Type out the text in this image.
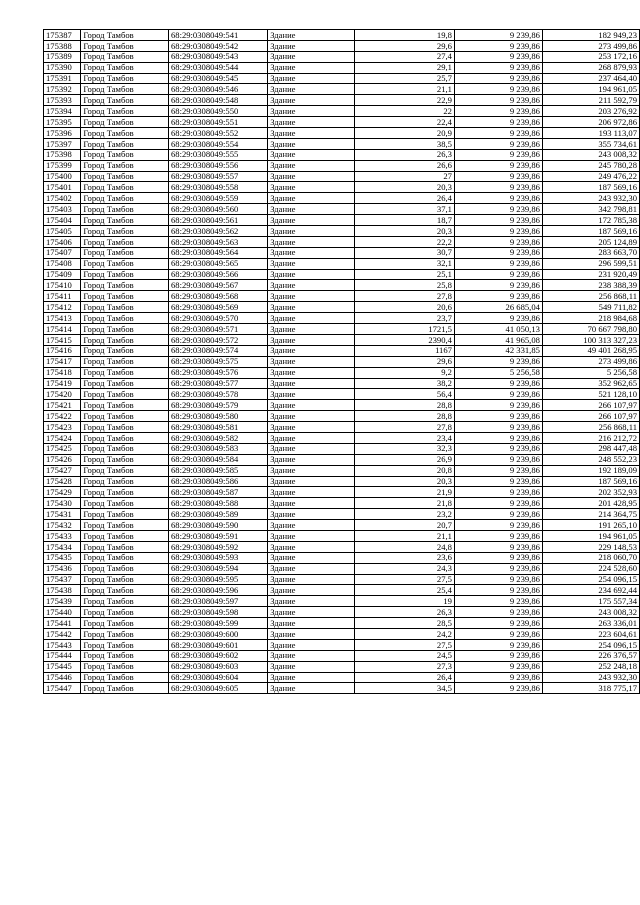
175387	Город Тамбов	68:29:0308049:541	Здание	19,8	9 239,86	182 949,23
175388	Город Тамбов	68:29:0308049:542	Здание	29,6	9 239,86	273 499,86
175389	Город Тамбов	68:29:0308049:543	Здание	27,4	9 239,86	253 172,16
175390	Город Тамбов	68:29:0308049:544	Здание	29,1	9 239,86	268 879,93
175391	Город Тамбов	68:29:0308049:545	Здание	25,7	9 239,86	237 464,40
175392	Город Тамбов	68:29:0308049:546	Здание	21,1	9 239,86	194 961,05
175393	Город Тамбов	68:29:0308049:548	Здание	22,9	9 239,86	211 592,79
175394	Город Тамбов	68:29:0308049:550	Здание	22	9 239,86	203 276,92
175395	Город Тамбов	68:29:0308049:551	Здание	22,4	9 239,86	206 972,86
175396	Город Тамбов	68:29:0308049:552	Здание	20,9	9 239,86	193 113,07
175397	Город Тамбов	68:29:0308049:554	Здание	38,5	9 239,86	355 734,61
175398	Город Тамбов	68:29:0308049:555	Здание	26,3	9 239,86	243 008,32
175399	Город Тамбов	68:29:0308049:556	Здание	26,6	9 239,86	245 780,28
175400	Город Тамбов	68:29:0308049:557	Здание	27	9 239,86	249 476,22
175401	Город Тамбов	68:29:0308049:558	Здание	20,3	9 239,86	187 569,16
175402	Город Тамбов	68:29:0308049:559	Здание	26,4	9 239,86	243 932,30
175403	Город Тамбов	68:29:0308049:560	Здание	37,1	9 239,86	342 798,81
175404	Город Тамбов	68:29:0308049:561	Здание	18,7	9 239,86	172 785,38
175405	Город Тамбов	68:29:0308049:562	Здание	20,3	9 239,86	187 569,16
175406	Город Тамбов	68:29:0308049:563	Здание	22,2	9 239,86	205 124,89
175407	Город Тамбов	68:29:0308049:564	Здание	30,7	9 239,86	283 663,70
175408	Город Тамбов	68:29:0308049:565	Здание	32,1	9 239,86	296 599,51
175409	Город Тамбов	68:29:0308049:566	Здание	25,1	9 239,86	231 920,49
175410	Город Тамбов	68:29:0308049:567	Здание	25,8	9 239,86	238 388,39
175411	Город Тамбов	68:29:0308049:568	Здание	27,8	9 239,86	256 868,11
175412	Город Тамбов	68:29:0308049:569	Здание	20,6	26 685,04	549 711,82
175413	Город Тамбов	68:29:0308049:570	Здание	23,7	9 239,86	218 984,68
175414	Город Тамбов	68:29:0308049:571	Здание	1721,5	41 050,13	70 667 798,80
175415	Город Тамбов	68:29:0308049:572	Здание	2390,4	41 965,08	100 313 327,23
175416	Город Тамбов	68:29:0308049:574	Здание	1167	42 331,85	49 401 268,95
175417	Город Тамбов	68:29:0308049:575	Здание	29,6	9 239,86	273 499,86
175418	Город Тамбов	68:29:0308049:576	Здание	9,2	5 256,58	5 256,58
175419	Город Тамбов	68:29:0308049:577	Здание	38,2	9 239,86	352 962,65
175420	Город Тамбов	68:29:0308049:578	Здание	56,4	9 239,86	521 128,10
175421	Город Тамбов	68:29:0308049:579	Здание	28,8	9 239,86	266 107,97
175422	Город Тамбов	68:29:0308049:580	Здание	28,8	9 239,86	266 107,97
175423	Город Тамбов	68:29:0308049:581	Здание	27,8	9 239,86	256 868,11
175424	Город Тамбов	68:29:0308049:582	Здание	23,4	9 239,86	216 212,72
175425	Город Тамбов	68:29:0308049:583	Здание	32,3	9 239,86	298 447,48
175426	Город Тамбов	68:29:0308049:584	Здание	26,9	9 239,86	248 552,23
175427	Город Тамбов	68:29:0308049:585	Здание	20,8	9 239,86	192 189,09
175428	Город Тамбов	68:29:0308049:586	Здание	20,3	9 239,86	187 569,16
175429	Город Тамбов	68:29:0308049:587	Здание	21,9	9 239,86	202 352,93
175430	Город Тамбов	68:29:0308049:588	Здание	21,8	9 239,86	201 428,95
175431	Город Тамбов	68:29:0308049:589	Здание	23,2	9 239,86	214 364,75
175432	Город Тамбов	68:29:0308049:590	Здание	20,7	9 239,86	191 265,10
175433	Город Тамбов	68:29:0308049:591	Здание	21,1	9 239,86	194 961,05
175434	Город Тамбов	68:29:0308049:592	Здание	24,8	9 239,86	229 148,53
175435	Город Тамбов	68:29:0308049:593	Здание	23,6	9 239,86	218 060,70
175436	Город Тамбов	68:29:0308049:594	Здание	24,3	9 239,86	224 528,60
175437	Город Тамбов	68:29:0308049:595	Здание	27,5	9 239,86	254 096,15
175438	Город Тамбов	68:29:0308049:596	Здание	25,4	9 239,86	234 692,44
175439	Город Тамбов	68:29:0308049:597	Здание	19	9 239,86	175 557,34
175440	Город Тамбов	68:29:0308049:598	Здание	26,3	9 239,86	243 008,32
175441	Город Тамбов	68:29:0308049:599	Здание	28,5	9 239,86	263 336,01
175442	Город Тамбов	68:29:0308049:600	Здание	24,2	9 239,86	223 604,61
175443	Город Тамбов	68:29:0308049:601	Здание	27,5	9 239,86	254 096,15
175444	Город Тамбов	68:29:0308049:602	Здание	24,5	9 239,86	226 376,57
175445	Город Тамбов	68:29:0308049:603	Здание	27,3	9 239,86	252 248,18
175446	Город Тамбов	68:29:0308049:604	Здание	26,4	9 239,86	243 932,30
175447	Город Тамбов	68:29:0308049:605	Здание	34,5	9 239,86	318 775,17
